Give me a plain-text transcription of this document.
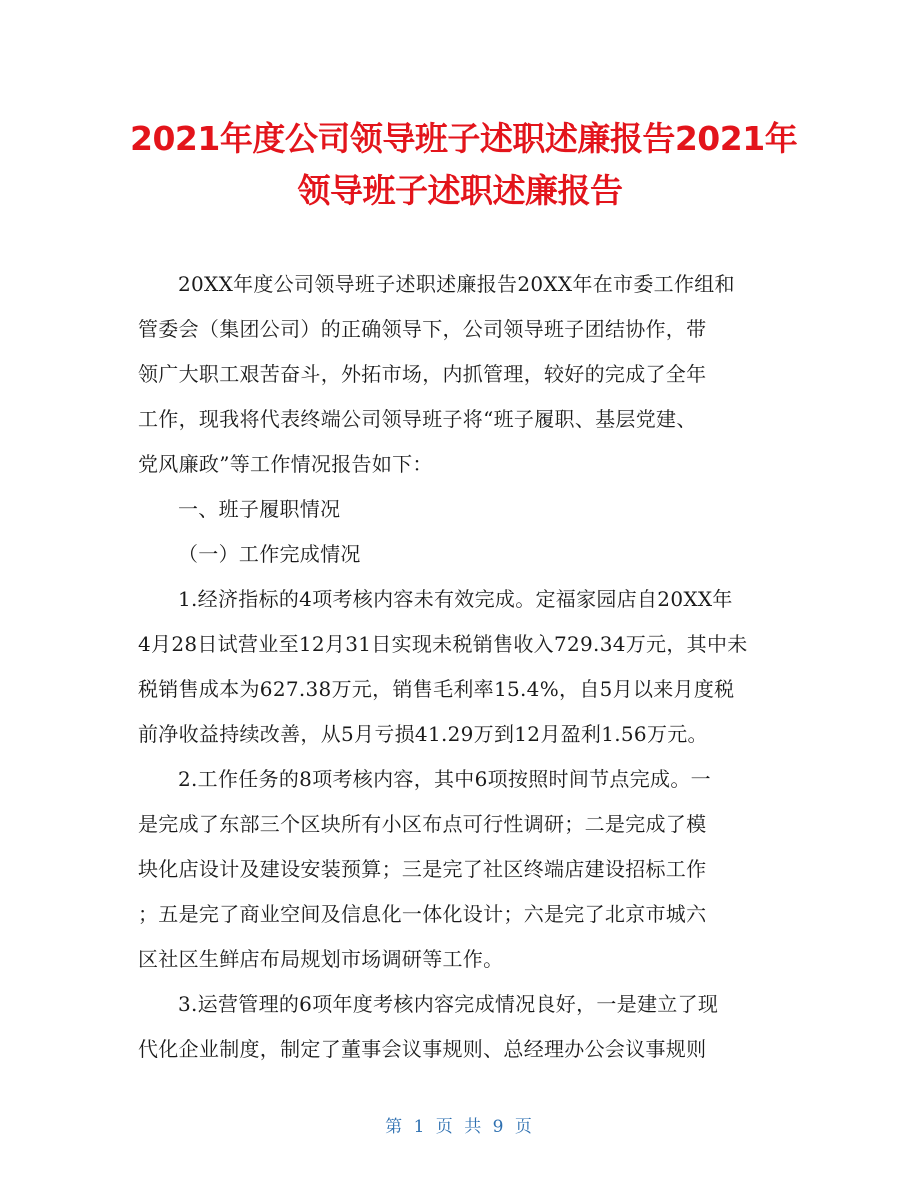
2021年度公司领导班子述职述廉报告2021年
领导班子述职述廉报告

20XX年度公司领导班子述职述廉报告20XX年在市委工作组和
管委会（集团公司）的正确领导下，公司领导班子团结协作，带
领广大职工艰苦奋斗，外拓市场，内抓管理，较好的完成了全年
工作，现我将代表终端公司领导班子将“班子履职、基层党建、
党风廉政”等工作情况报告如下：

一、班子履职情况

（一）工作完成情况

1.经济指标的4项考核内容未有效完成。定福家园店自20XX年
4月28日试营业至12月31日实现未税销售收入729.34万元，其中未
税销售成本为627.38万元，销售毛利率15.4%，自5月以来月度税
前净收益持续改善，从5月亏损41.29万到12月盈利1.56万元。

2.工作任务的8项考核内容，其中6项按照时间节点完成。一
是完成了东部三个区块所有小区布点可行性调研；二是完成了模
块化店设计及建设安装预算；三是完了社区终端店建设招标工作
；五是完了商业空间及信息化一体化设计；六是完了北京市城六
区社区生鲜店布局规划市场调研等工作。

3.运营管理的6项年度考核内容完成情况良好，一是建立了现
代化企业制度，制定了董事会议事规则、总经理办公会议事规则

第 1 页 共 9 页
